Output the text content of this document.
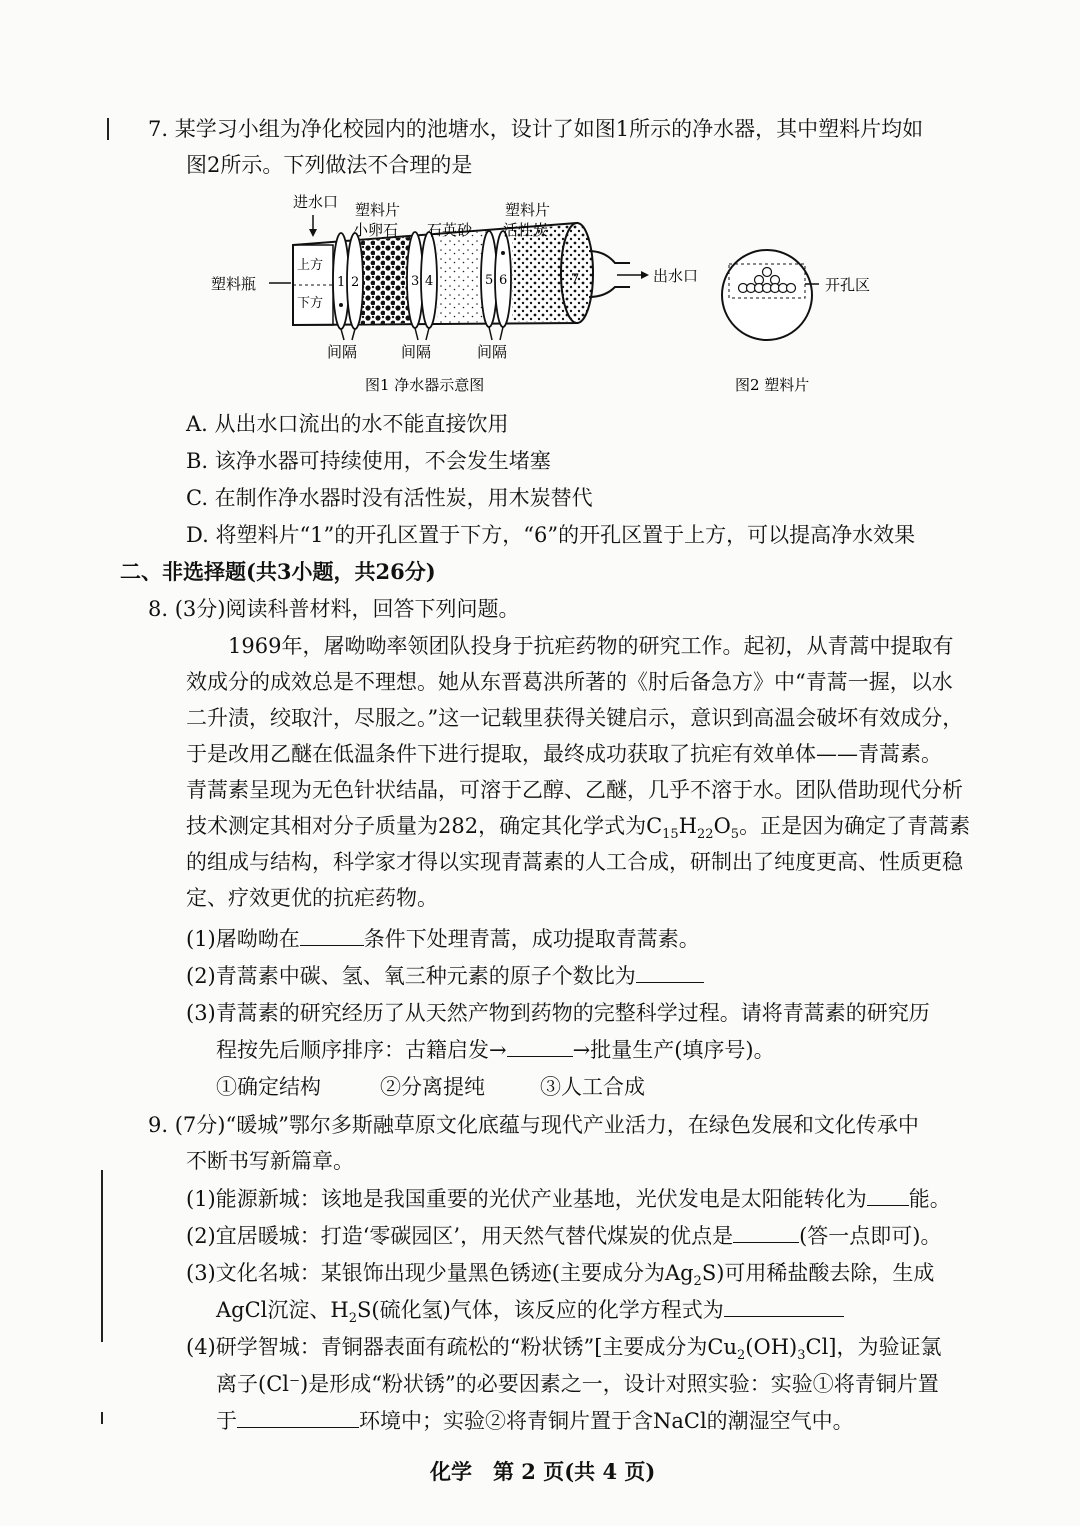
7. 某学习小组为净化校园内的池塘水，设计了如图1所示的净水器，其中塑料片均如
图2所示。下列做法不合理的是
进水口 塑料片
小卵石 石英砂
塑料片
活性炭
塑料瓶
上方
下方
出水口
1 2	3 4	5 6	7
间隔	间隔	间隔
图1 净水器示意图
开孔区
图2 塑料片
A. 从出水口流出的水不能直接饮用
B. 该净水器可持续使用，不会发生堵塞
C. 在制作净水器时没有活性炭，用木炭替代
D. 将塑料片“1”的开孔区置于下方，“6”的开孔区置于上方，可以提高净水效果
二、非选择题(共3小题，共26分)
8. (3分)阅读科普材料，回答下列问题。
1969年，屠呦呦率领团队投身于抗疟药物的研究工作。起初，从青蒿中提取有
效成分的成效总是不理想。她从东晋葛洪所著的《肘后备急方》中“青蒿一握，以水
二升渍，绞取汁，尽服之。”这一记载里获得关键启示，意识到高温会破坏有效成分，
于是改用乙醚在低温条件下进行提取，最终成功获取了抗疟有效单体——青蒿素。
青蒿素呈现为无色针状结晶，可溶于乙醇、乙醚，几乎不溶于水。团队借助现代分析
技术测定其相对分子质量为282，确定其化学式为$C_{15}H_{22}O_5$。正是因为确定了青蒿素
的组成与结构，科学家才得以实现青蒿素的人工合成，研制出了纯度更高、性质更稳
定、疗效更优的抗疟药物。
(1)屠呦呦在	条件下处理青蒿，成功提取青蒿素。
(2)青蒿素中碳、氢、氧三种元素的原子个数比为
(3)青蒿素的研究经历了从天然产物到药物的完整科学过程。请将青蒿素的研究历
程按先后顺序排序：古籍启发→	→批量生产(填序号)。
①确定结构	②分离提纯	③人工合成
9. (7分)“暖城”鄂尔多斯融草原文化底蕴与现代产业活力，在绿色发展和文化传承中
不断书写新篇章。
(1)能源新城：该地是我国重要的光伏产业基地，光伏发电是太阳能转化为 能。
(2)宜居暖城：打造‘零碳园区’，用天然气替代煤炭的优点是	(答一点即可)。
(3)文化名城：某银饰出现少量黑色锈迹(主要成分为$Ag_2S$)可用稀盐酸去除，生成
AgCl沉淀、$H_2S$(硫化氢)气体，该反应的化学方程式为
(4)研学智城：青铜器表面有疏松的“粉状锈”[主要成分为$Cu_2(OH)_3Cl$]，为验证氯
离子(Cl⁻)是形成“粉状锈”的必要因素之一，设计对照实验：实验①将青铜片置
于	环境中；实验②将青铜片置于含NaCl的潮湿空气中。
化学　第 2 页(共 4 页)
